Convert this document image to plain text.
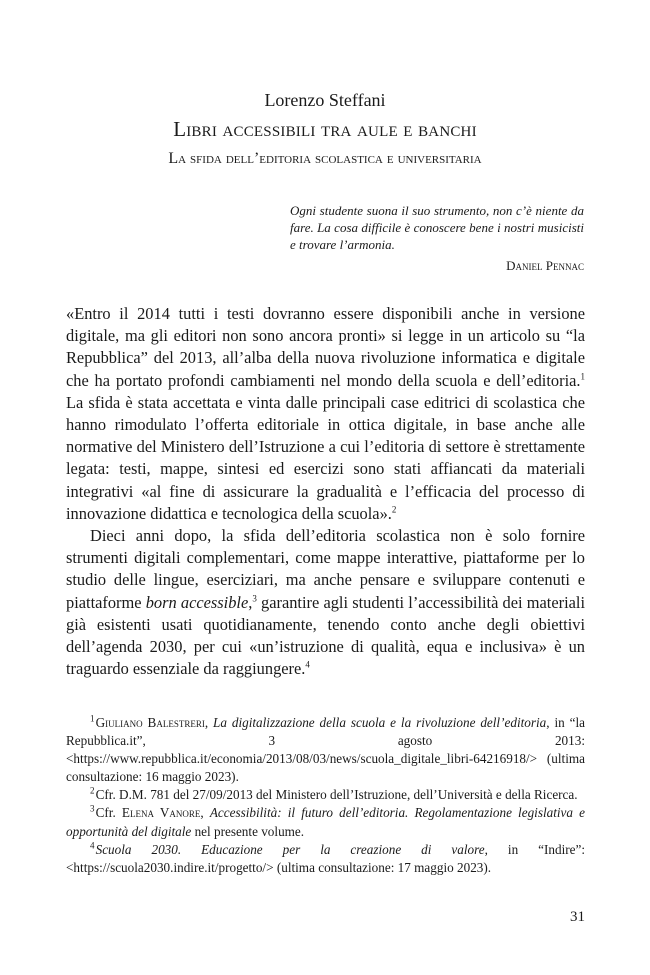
Lorenzo Steffani
Libri accessibili tra aule e banchi
La sfida dell’editoria scolastica e universitaria
Ogni studente suona il suo strumento, non c’è niente da fare. La cosa difficile è conoscere bene i nostri musicisti e trovare l’armonia.
Daniel Pennac

«Entro il 2014 tutti i testi dovranno essere disponibili anche in versione digitale, ma gli editori non sono ancora pronti» si legge in un articolo su “la Repubblica” del 2013, all’alba della nuova rivoluzione informatica e digitale che ha portato profondi cambiamenti nel mondo della scuola e dell’editoria.$^1$ La sfida è stata accettata e vinta dalle principali case editrici di scolastica che hanno rimodulato l’offerta editoriale in ottica digitale, in base anche alle normative del Ministero dell’Istruzione a cui l’editoria di settore è strettamente legata: testi, mappe, sintesi ed esercizi sono stati affiancati da materiali integrativi «al fine di assicurare la gradualità e l’efficacia del processo di innovazione didattica e tecnologica della scuola».$^2$

Dieci anni dopo, la sfida dell’editoria scolastica non è solo fornire strumenti digitali complementari, come mappe interattive, piattaforme per lo studio delle lingue, eserciziari, ma anche pensare e sviluppare contenuti e piattaforme born accessible,$^3$ garantire agli studenti l’accessibilità dei materiali già esistenti usati quotidianamente, tenendo conto anche degli obiettivi dell’agenda 2030, per cui «un’istruzione di qualità, equa e inclusiva» è un traguardo essenziale da raggiungere.$^4$

$^1$ Giuliano Balestreri, La digitalizzazione della scuola e la rivoluzione dell’editoria, in “la Repubblica.it”, 3 agosto 2013: <https://www.repubblica.it/economia/2013/08/03/news/scuola_digitale_libri-64216918/> (ultima consultazione: 16 maggio 2023).

$^2$ Cfr. D.M. 781 del 27/09/2013 del Ministero dell’Istruzione, dell’Università e della Ricerca.

$^3$ Cfr. Elena Vanore, Accessibilità: il futuro dell’editoria. Regolamentazione legislativa e opportunità del digitale nel presente volume.

$^4$ Scuola 2030. Educazione per la creazione di valore, in “Indire”: <https://scuola2030.indire.it/progetto/> (ultima consultazione: 17 maggio 2023).

31
